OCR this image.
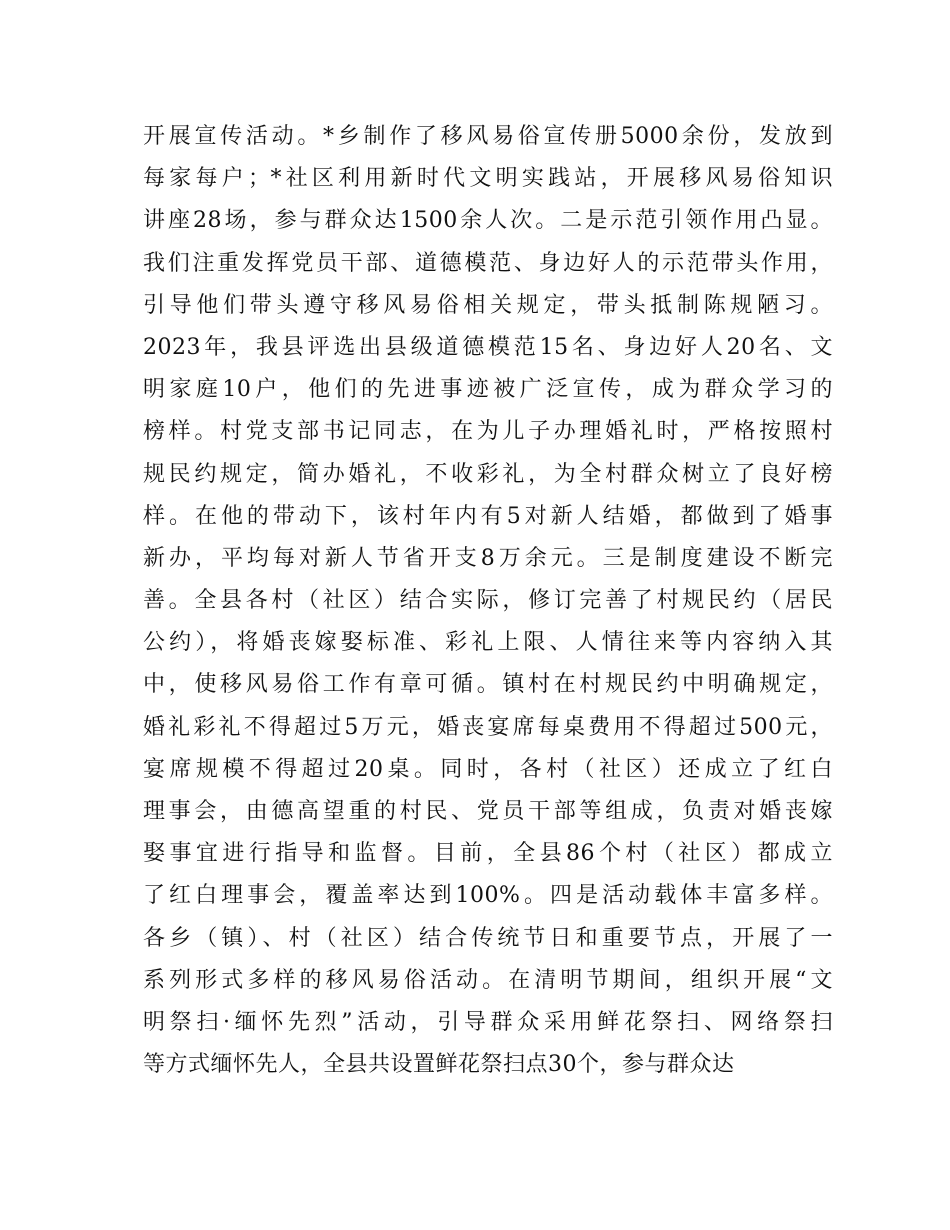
开展宣传活动。*乡制作了移风易俗宣传册5000余份，发放到
每家每户；*社区利用新时代文明实践站，开展移风易俗知识
讲座28场，参与群众达1500余人次。二是示范引领作用凸显。
我们注重发挥党员干部、道德模范、身边好人的示范带头作用，
引导他们带头遵守移风易俗相关规定，带头抵制陈规陋习。
2023年，我县评选出县级道德模范15名、身边好人20名、文
明家庭10户，他们的先进事迹被广泛宣传，成为群众学习的
榜样。村党支部书记同志，在为儿子办理婚礼时，严格按照村
规民约规定，简办婚礼，不收彩礼，为全村群众树立了良好榜
样。在他的带动下，该村年内有5对新人结婚，都做到了婚事
新办，平均每对新人节省开支8万余元。三是制度建设不断完
善。全县各村（社区）结合实际，修订完善了村规民约（居民
公约），将婚丧嫁娶标准、彩礼上限、人情往来等内容纳入其
中，使移风易俗工作有章可循。镇村在村规民约中明确规定，
婚礼彩礼不得超过5万元，婚丧宴席每桌费用不得超过500元，
宴席规模不得超过20桌。同时，各村（社区）还成立了红白
理事会，由德高望重的村民、党员干部等组成，负责对婚丧嫁
娶事宜进行指导和监督。目前，全县86个村（社区）都成立
了红白理事会，覆盖率达到100%。四是活动载体丰富多样。
各乡（镇）、村（社区）结合传统节日和重要节点，开展了一
系列形式多样的移风易俗活动。在清明节期间，组织开展“文
明祭扫·缅怀先烈”活动，引导群众采用鲜花祭扫、网络祭扫
等方式缅怀先人，全县共设置鲜花祭扫点30个，参与群众达
